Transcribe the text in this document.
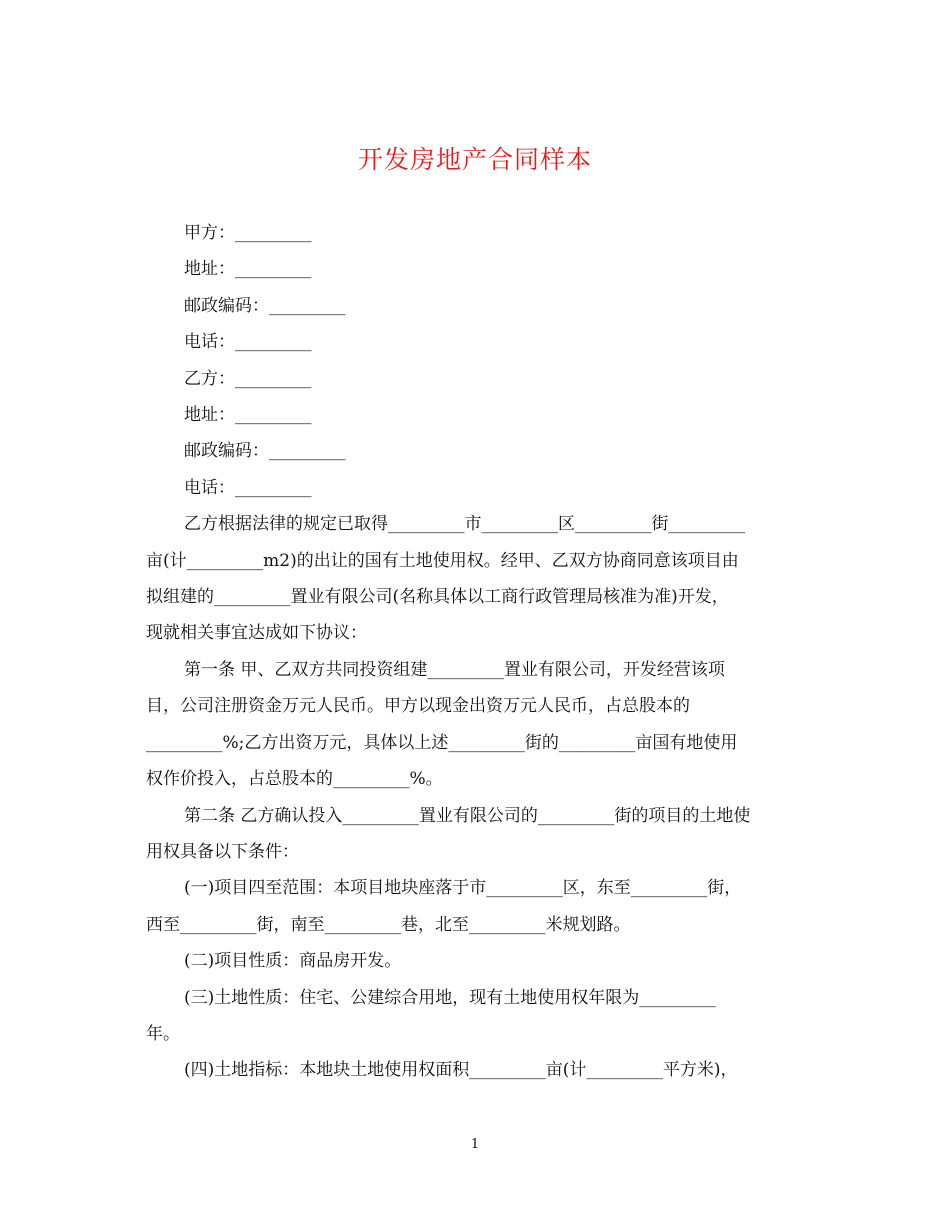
开发房地产合同样本
甲方：_________
地址：_________
邮政编码：_________
电话：_________
乙方：_________
地址：_________
邮政编码：_________
电话：_________
乙方根据法律的规定已取得_________市_________区_________街_________
亩(计_________m2)的出让的国有土地使用权。经甲、乙双方协商同意该项目由
拟组建的_________置业有限公司(名称具体以工商行政管理局核准为准)开发，
现就相关事宜达成如下协议：
第一条 甲、乙双方共同投资组建_________置业有限公司，开发经营该项
目，公司注册资金万元人民币。甲方以现金出资万元人民币，占总股本的
_________%;乙方出资万元，具体以上述_________街的_________亩国有地使用
权作价投入，占总股本的_________%。
第二条 乙方确认投入_________置业有限公司的_________街的项目的土地使
用权具备以下条件：
(一)项目四至范围：本项目地块座落于市_________区，东至_________街，
西至_________街，南至_________巷，北至_________米规划路。
(二)项目性质：商品房开发。
(三)土地性质：住宅、公建综合用地，现有土地使用权年限为_________
年。
(四)土地指标：本地块土地使用权面积_________亩(计_________平方米)，
1
